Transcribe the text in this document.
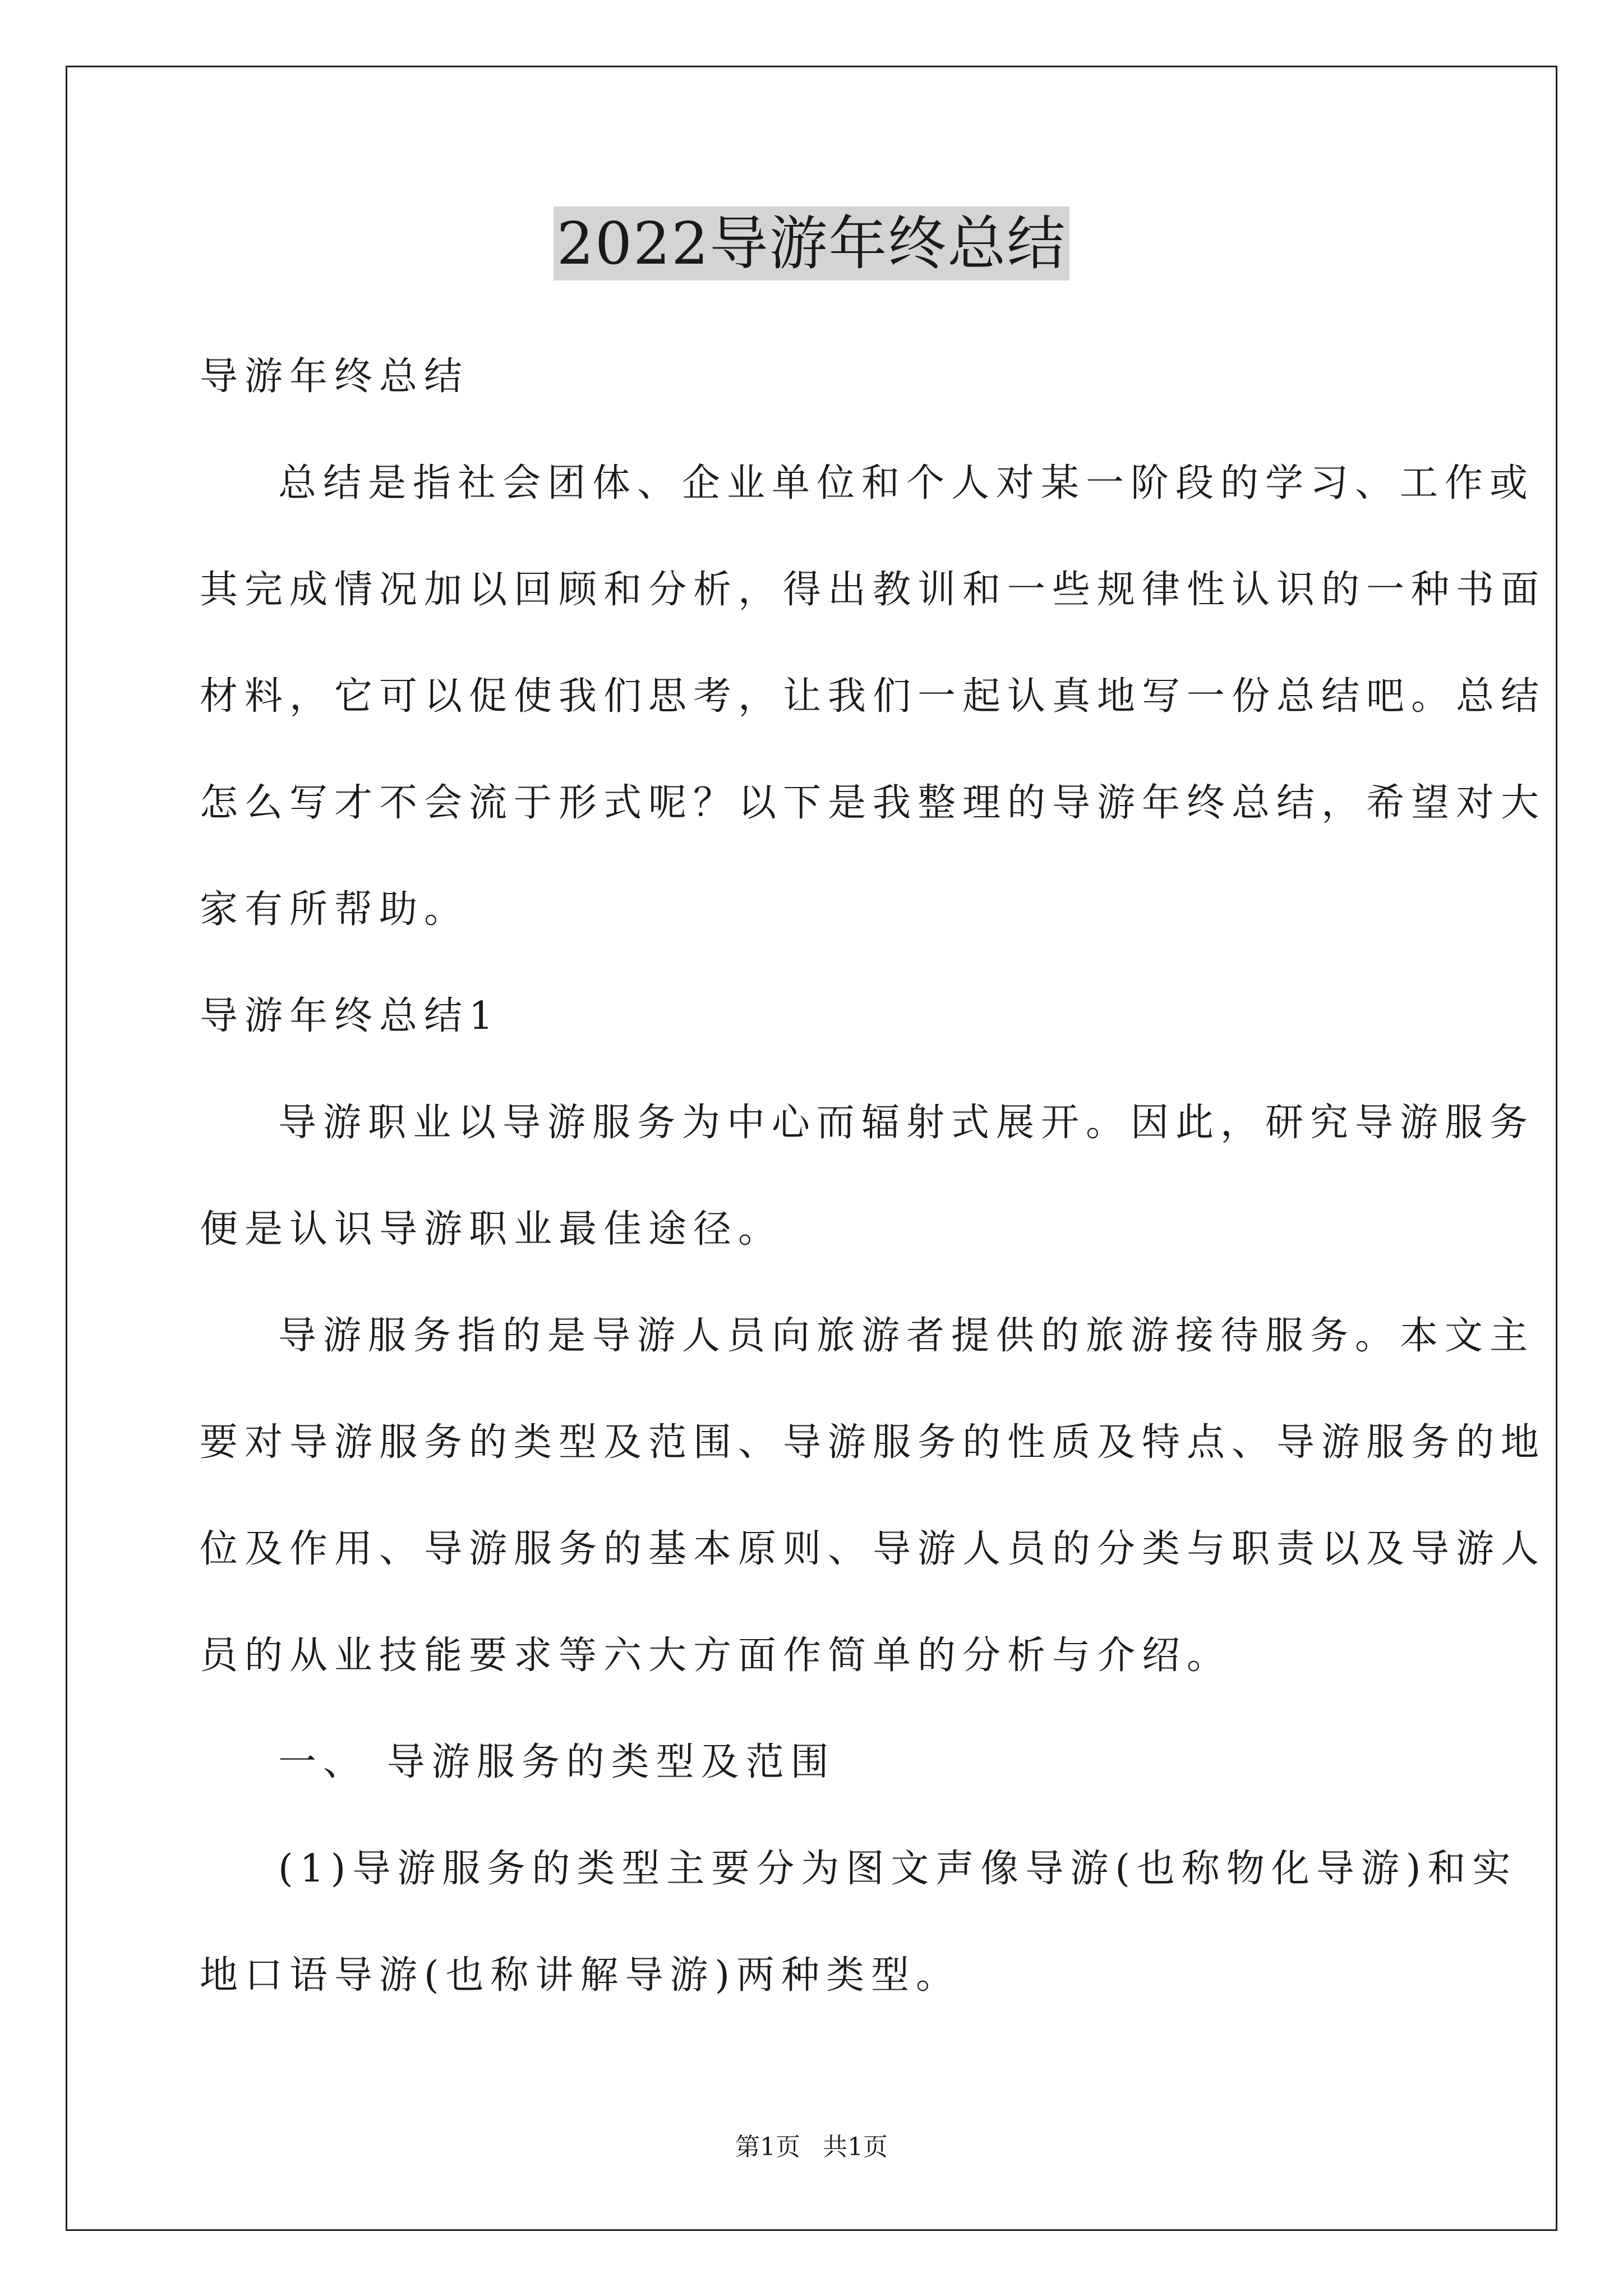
2022导游年终总结
导游年终总结
总结是指社会团体、企业单位和个人对某一阶段的学习、工作或
其完成情况加以回顾和分析，得出教训和一些规律性认识的一种书面
材料，它可以促使我们思考，让我们一起认真地写一份总结吧。总结
怎么写才不会流于形式呢？以下是我整理的导游年终总结，希望对大
家有所帮助。
导游年终总结1
导游职业以导游服务为中心而辐射式展开。因此，研究导游服务
便是认识导游职业最佳途径。
导游服务指的是导游人员向旅游者提供的旅游接待服务。本文主
要对导游服务的类型及范围、导游服务的性质及特点、导游服务的地
位及作用、导游服务的基本原则、导游人员的分类与职责以及导游人
员的从业技能要求等六大方面作简单的分析与介绍。
一、 导游服务的类型及范围
(1)导游服务的类型主要分为图文声像导游(也称物化导游)和实
地口语导游(也称讲解导游)两种类型。
第1页 共1页
